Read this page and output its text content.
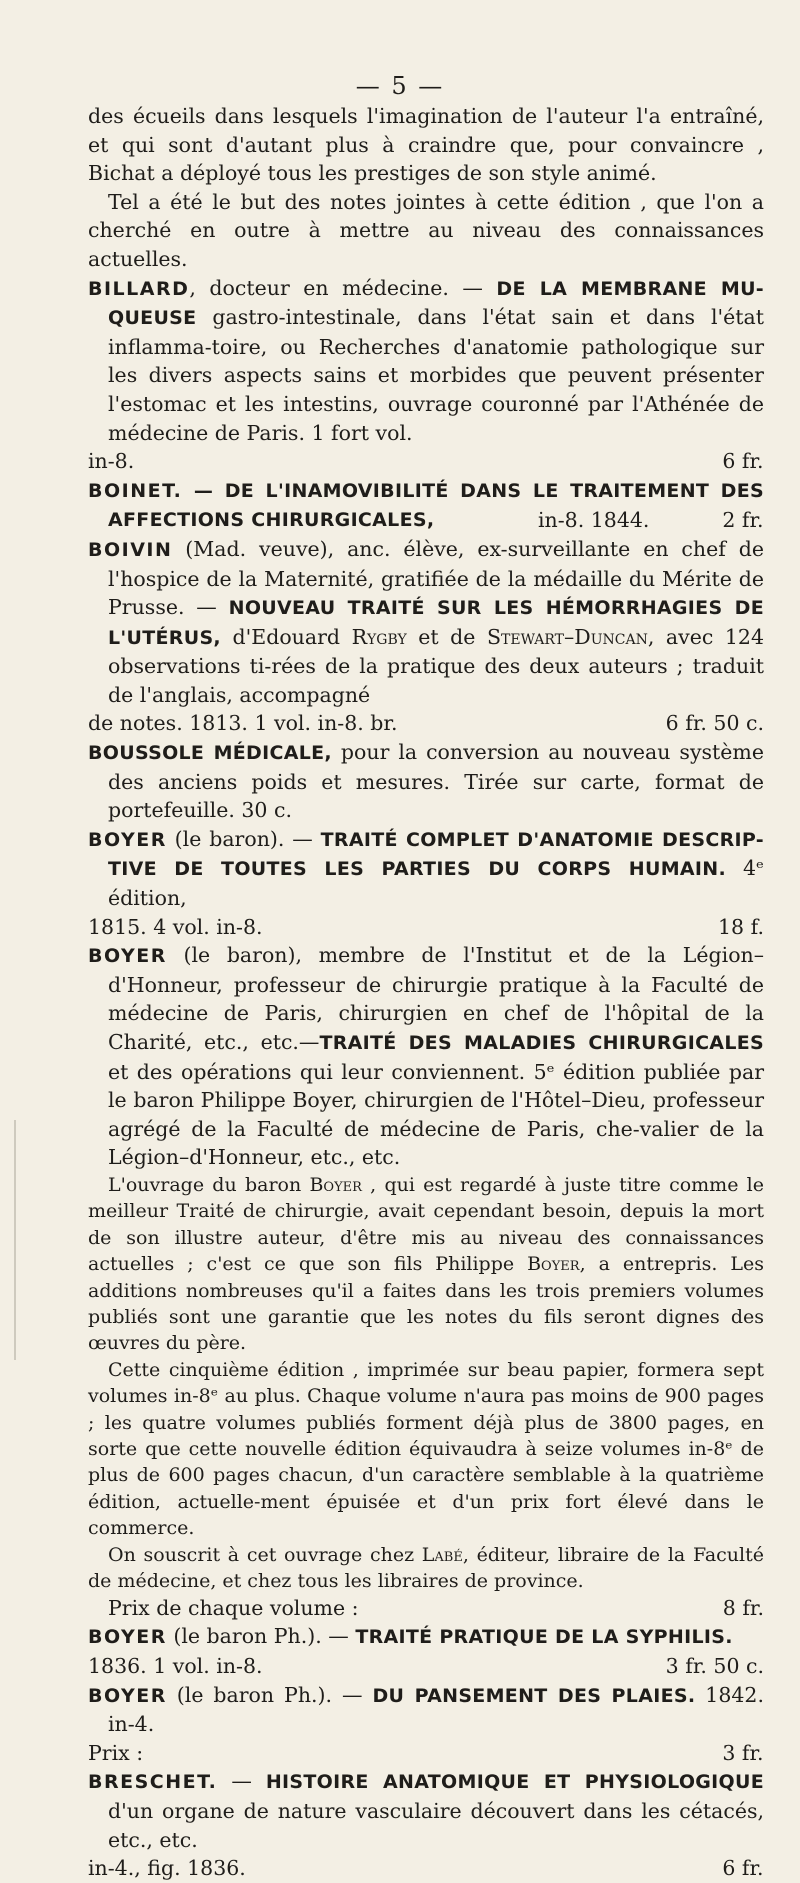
— 5 —

des écueils dans lesquels l'imagination de l'auteur l'a entraîné, et qui sont d'autant plus à craindre que, pour convaincre , Bichat a déployé tous les prestiges de son style animé.

Tel a été le but des notes jointes à cette édition , que l'on a cherché en outre à mettre au niveau des connaissances actuelles.

BILLARD, docteur en médecine. — DE LA MEMBRANE MU-QUEUSE gastro-intestinale, dans l'état sain et dans l'état inflamma-toire, ou Recherches d'anatomie pathologique sur les divers aspects sains et morbides que peuvent présenter l'estomac et les intestins, ouvrage couronné par l'Athénée de médecine de Paris. 1 fort vol.
in-8.	6 fr.
BOINET. — DE L'INAMOVIBILITÉ DANS LE TRAITEMENT DES AFFECTIONS CHIRURGICALES,	in-8. 1844.	2 fr.
BOIVIN (Mad. veuve), anc. élève, ex-surveillante en chef de l'hospice de la Maternité, gratifiée de la médaille du Mérite de Prusse. — NOUVEAU TRAITÉ SUR LES HÉMORRHAGIES DE L'UTÉRUS, d'Edouard Rygby et de Stewart–Duncan, avec 124 observations ti-rées de la pratique des deux auteurs ; traduit de l'anglais, accompagné
de notes. 1813. 1 vol. in-8. br.	6 fr. 50 c.
BOUSSOLE MÉDICALE, pour la conversion au nouveau système des anciens poids et mesures. Tirée sur carte, format de portefeuille. 30 c.
BOYER (le baron). — TRAITÉ COMPLET D'ANATOMIE DESCRIP-TIVE DE TOUTES LES PARTIES DU CORPS HUMAIN. 4ᵉ édition,
1815. 4 vol. in-8.	18 f.
BOYER (le baron), membre de l'Institut et de la Légion–d'Honneur, professeur de chirurgie pratique à la Faculté de médecine de Paris, chirurgien en chef de l'hôpital de la Charité, etc., etc.—TRAITÉ DES MALADIES CHIRURGICALES et des opérations qui leur conviennent. 5ᵉ édition publiée par le baron Philippe Boyer, chirurgien de l'Hôtel–Dieu, professeur agrégé de la Faculté de médecine de Paris, che-valier de la Légion–d'Honneur, etc., etc.

L'ouvrage du baron Boyer , qui est regardé à juste titre comme le meilleur Traité de chirurgie, avait cependant besoin, depuis la mort de son illustre auteur, d'être mis au niveau des connaissances actuelles ; c'est ce que son fils Philippe Boyer, a entrepris. Les additions nombreuses qu'il a faites dans les trois premiers volumes publiés sont une garantie que les notes du fils seront dignes des œuvres du père.

Cette cinquième édition , imprimée sur beau papier, formera sept volumes in-8ᵉ au plus. Chaque volume n'aura pas moins de 900 pages ; les quatre volumes publiés forment déjà plus de 3800 pages, en sorte que cette nouvelle édition équivaudra à seize volumes in-8ᵉ de plus de 600 pages chacun, d'un caractère semblable à la quatrième édition, actuelle-ment épuisée et d'un prix fort élevé dans le commerce.

On souscrit à cet ouvrage chez Labé, éditeur, libraire de la Faculté de médecine, et chez tous les libraires de province.

Prix de chaque volume :	8 fr.
BOYER (le baron Ph.). — TRAITÉ PRATIQUE DE LA SYPHILIS.
1836. 1 vol. in-8.	3 fr. 50 c.
BOYER (le baron Ph.). — DU PANSEMENT DES PLAIES. 1842. in-4.
Prix :	3 fr.
BRESCHET. — HISTOIRE ANATOMIQUE ET PHYSIOLOGIQUE d'un organe de nature vasculaire découvert dans les cétacés, etc., etc.
in-4., fig. 1836.	6 fr.
